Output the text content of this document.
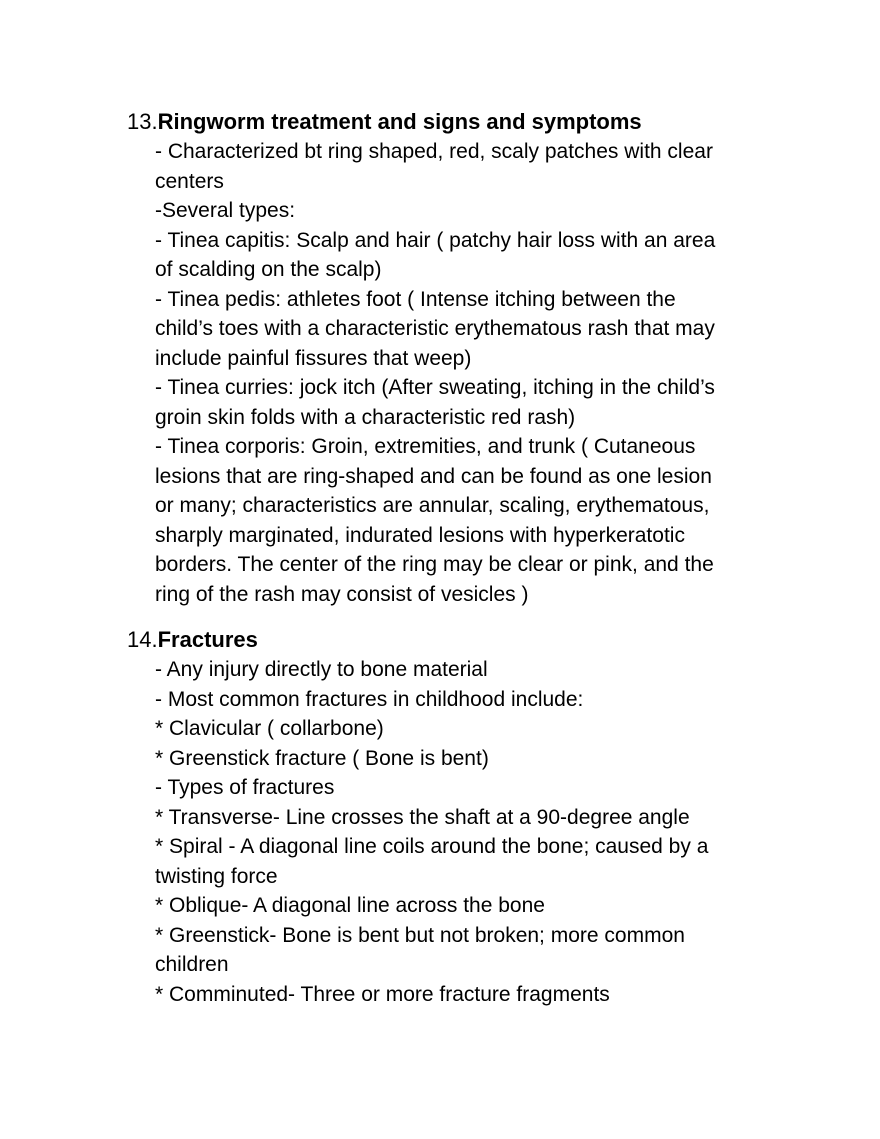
13.Ringworm treatment and signs and symptoms
- Characterized bt ring shaped, red, scaly patches with clear
centers
-Several types:
- Tinea capitis: Scalp and hair ( patchy hair loss with an area
of scalding on the scalp)
- Tinea pedis: athletes foot ( Intense itching between the
child’s toes with a characteristic erythematous rash that may
include painful fissures that weep)
- Tinea curries: jock itch (After sweating, itching in the child’s
groin skin folds with a characteristic red rash)
- Tinea corporis: Groin, extremities, and trunk ( Cutaneous
lesions that are ring-shaped and can be found as one lesion
or many; characteristics are annular, scaling, erythematous,
sharply marginated, indurated lesions with hyperkeratotic
borders. The center of the ring may be clear or pink, and the
ring of the rash may consist of vesicles )
14.Fractures
- Any injury directly to bone material
- Most common fractures in childhood include:
* Clavicular ( collarbone)
* Greenstick fracture ( Bone is bent)
- Types of fractures
* Transverse- Line crosses the shaft at a 90-degree angle
* Spiral - A diagonal line coils around the bone; caused by a
twisting force
* Oblique- A diagonal line across the bone
* Greenstick- Bone is bent but not broken; more common
children
* Comminuted- Three or more fracture fragments
